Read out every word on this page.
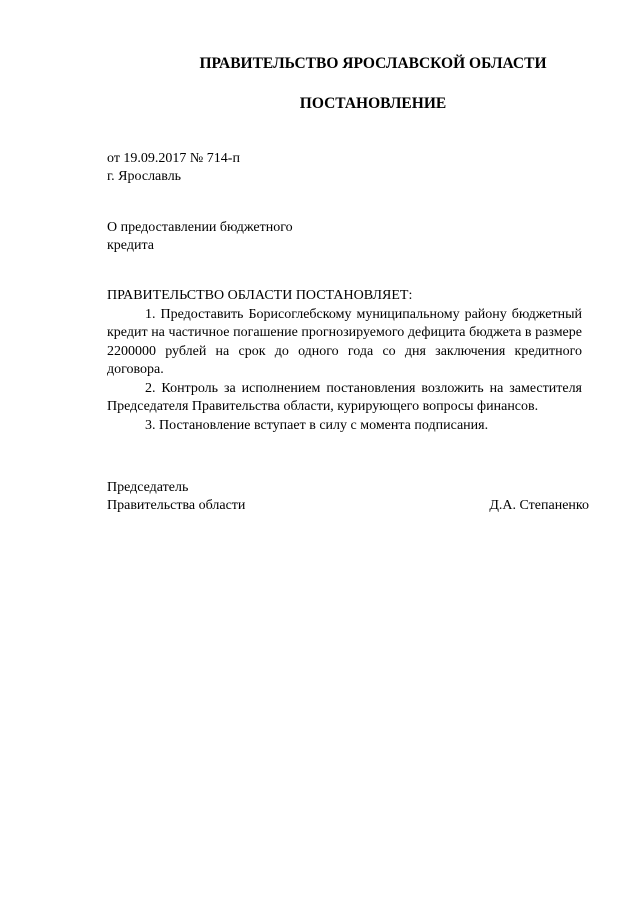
ПРАВИТЕЛЬСТВО ЯРОСЛАВСКОЙ ОБЛАСТИ
ПОСТАНОВЛЕНИЕ
от 19.09.2017 № 714-п
г. Ярославль
О предоставлении бюджетного
кредита
ПРАВИТЕЛЬСТВО ОБЛАСТИ ПОСТАНОВЛЯЕТ:

1. Предоставить Борисоглебскому муниципальному району бюджетный кредит на частичное погашение прогнозируемого дефицита бюджета в размере 2200000 рублей на срок до одного года со дня заключения кредитного договора.

2. Контроль за исполнением постановления возложить на заместителя Председателя Правительства области, курирующего вопросы финансов.

3. Постановление вступает в силу с момента подписания.

Председатель
Правительства области	Д.А. Степаненко
